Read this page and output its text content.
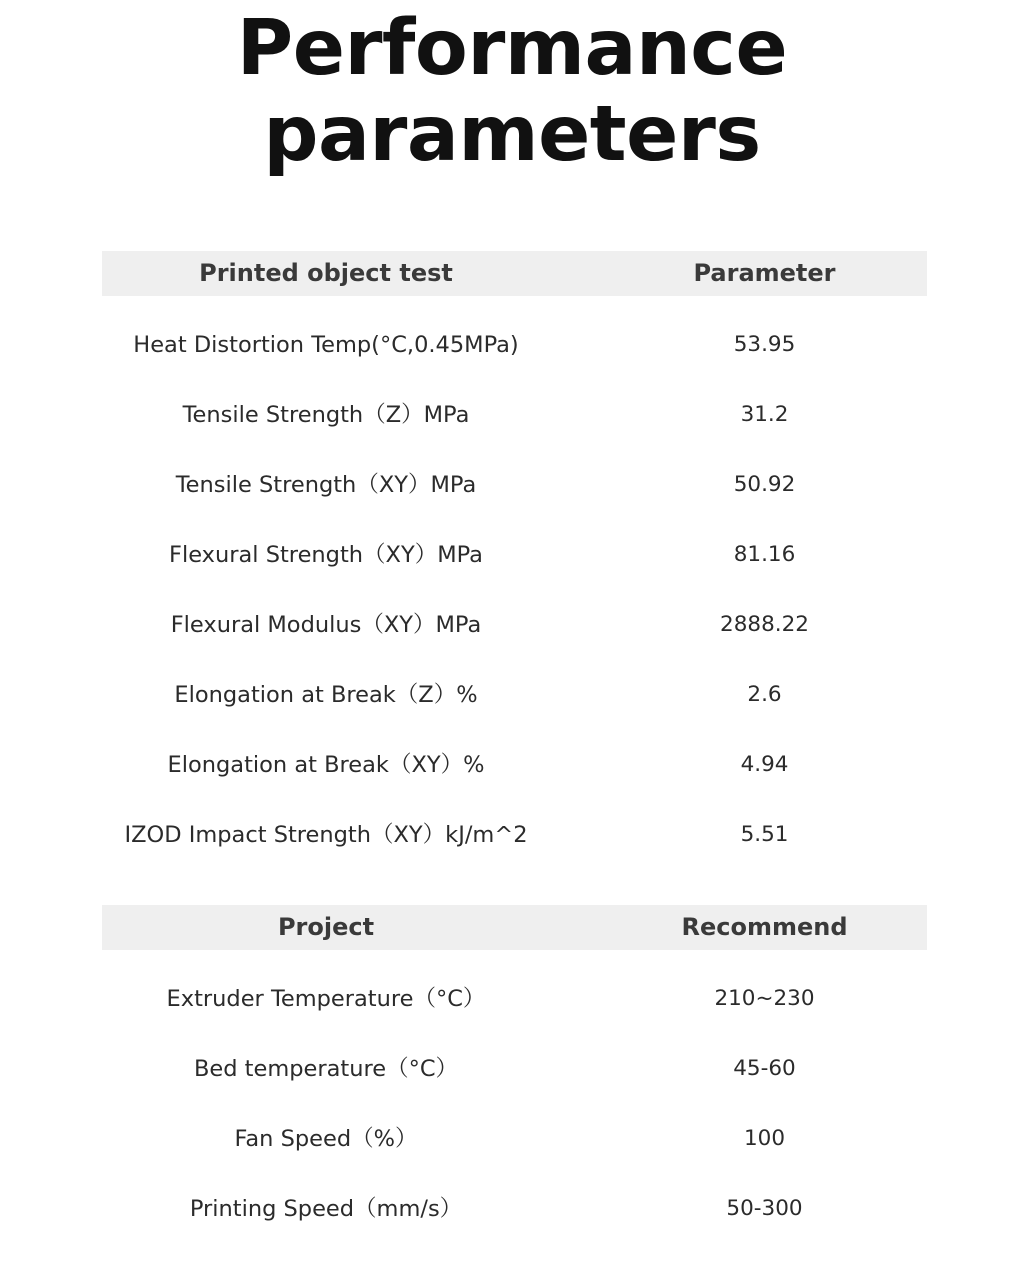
Performance
parameters
Printed object test	Parameter
Heat Distortion Temp(°C,0.45MPa)	53.95
Tensile Strength（Z）MPa	31.2
Tensile Strength（XY）MPa	50.92
Flexural Strength（XY）MPa	81.16
Flexural Modulus（XY）MPa	2888.22
Elongation at Break（Z）%	2.6
Elongation at Break（XY）%	4.94
IZOD Impact Strength（XY）kJ/m^2	5.51
Project	Recommend
Extruder Temperature（°C）	210~230
Bed temperature（°C）	45-60
Fan Speed（%）	100
Printing Speed（mm/s）	50-300
